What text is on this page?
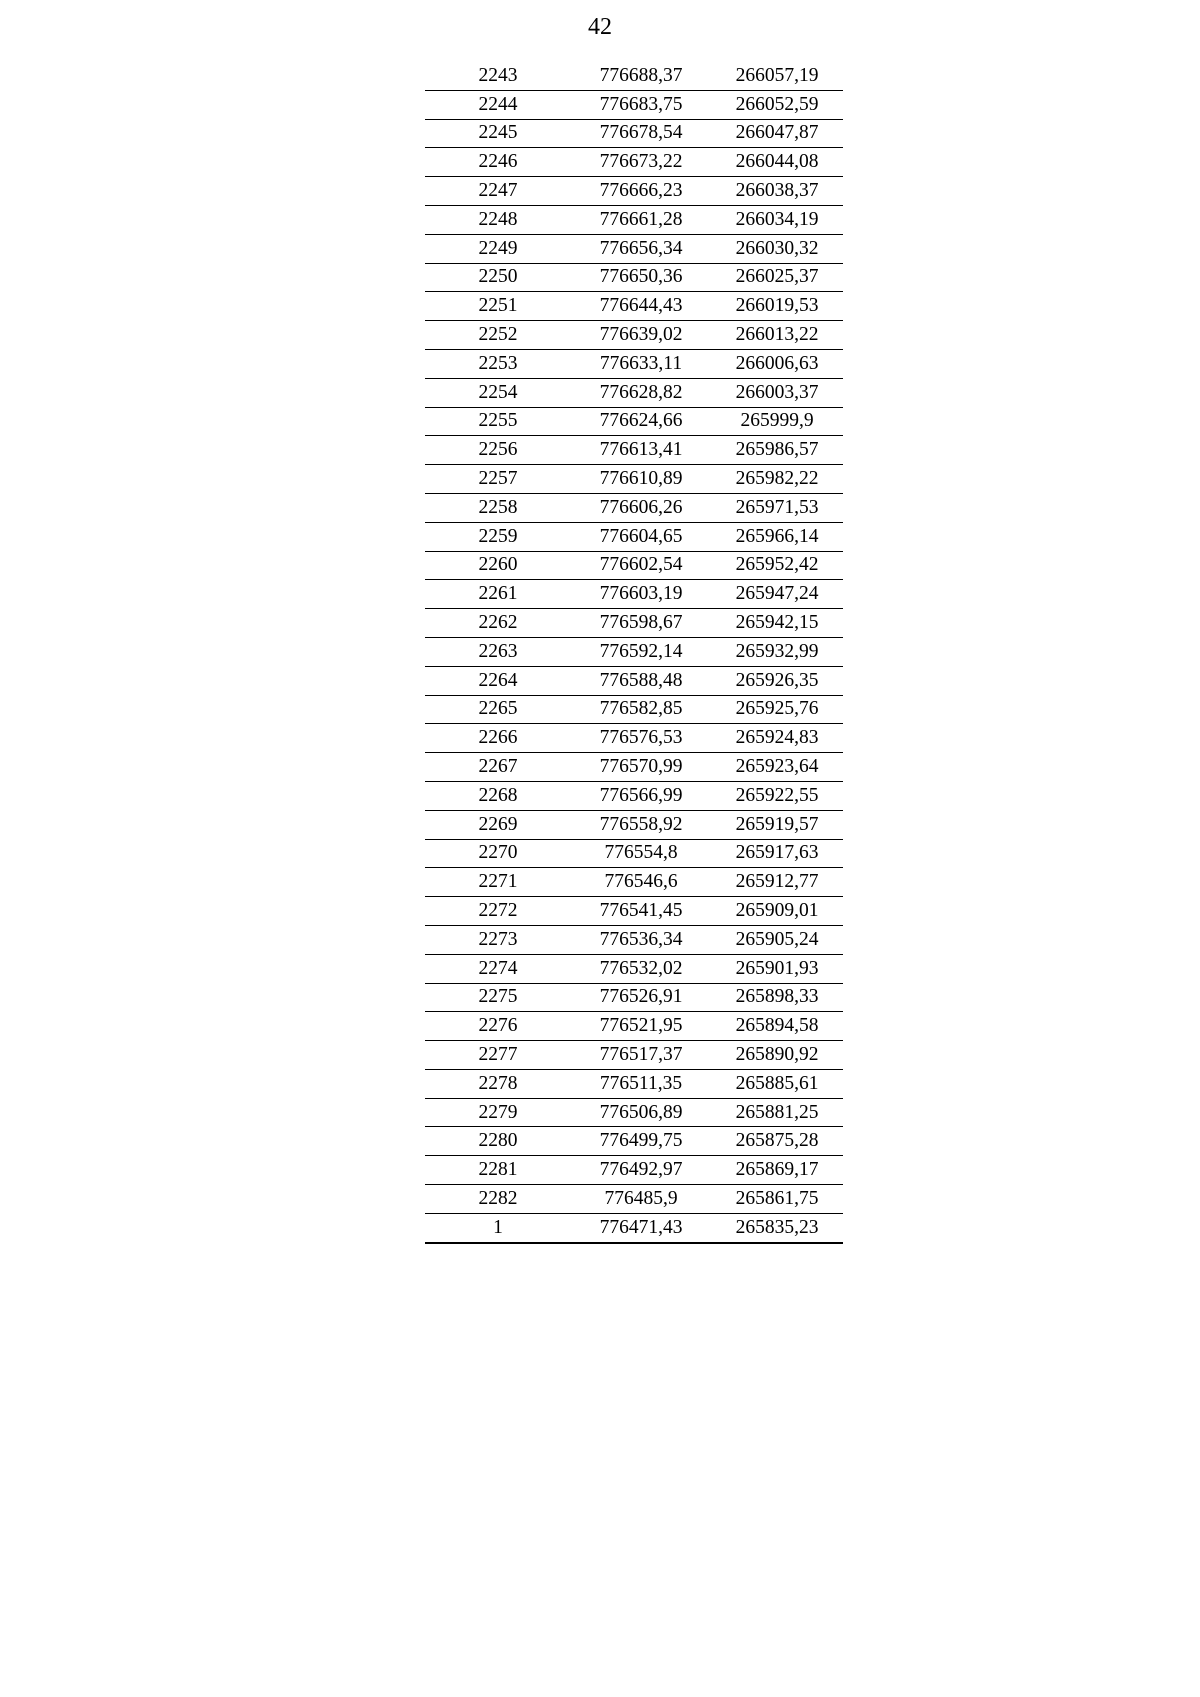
42
2243	776688,37	266057,19
2244	776683,75	266052,59
2245	776678,54	266047,87
2246	776673,22	266044,08
2247	776666,23	266038,37
2248	776661,28	266034,19
2249	776656,34	266030,32
2250	776650,36	266025,37
2251	776644,43	266019,53
2252	776639,02	266013,22
2253	776633,11	266006,63
2254	776628,82	266003,37
2255	776624,66	265999,9
2256	776613,41	265986,57
2257	776610,89	265982,22
2258	776606,26	265971,53
2259	776604,65	265966,14
2260	776602,54	265952,42
2261	776603,19	265947,24
2262	776598,67	265942,15
2263	776592,14	265932,99
2264	776588,48	265926,35
2265	776582,85	265925,76
2266	776576,53	265924,83
2267	776570,99	265923,64
2268	776566,99	265922,55
2269	776558,92	265919,57
2270	776554,8	265917,63
2271	776546,6	265912,77
2272	776541,45	265909,01
2273	776536,34	265905,24
2274	776532,02	265901,93
2275	776526,91	265898,33
2276	776521,95	265894,58
2277	776517,37	265890,92
2278	776511,35	265885,61
2279	776506,89	265881,25
2280	776499,75	265875,28
2281	776492,97	265869,17
2282	776485,9	265861,75
1	776471,43	265835,23
